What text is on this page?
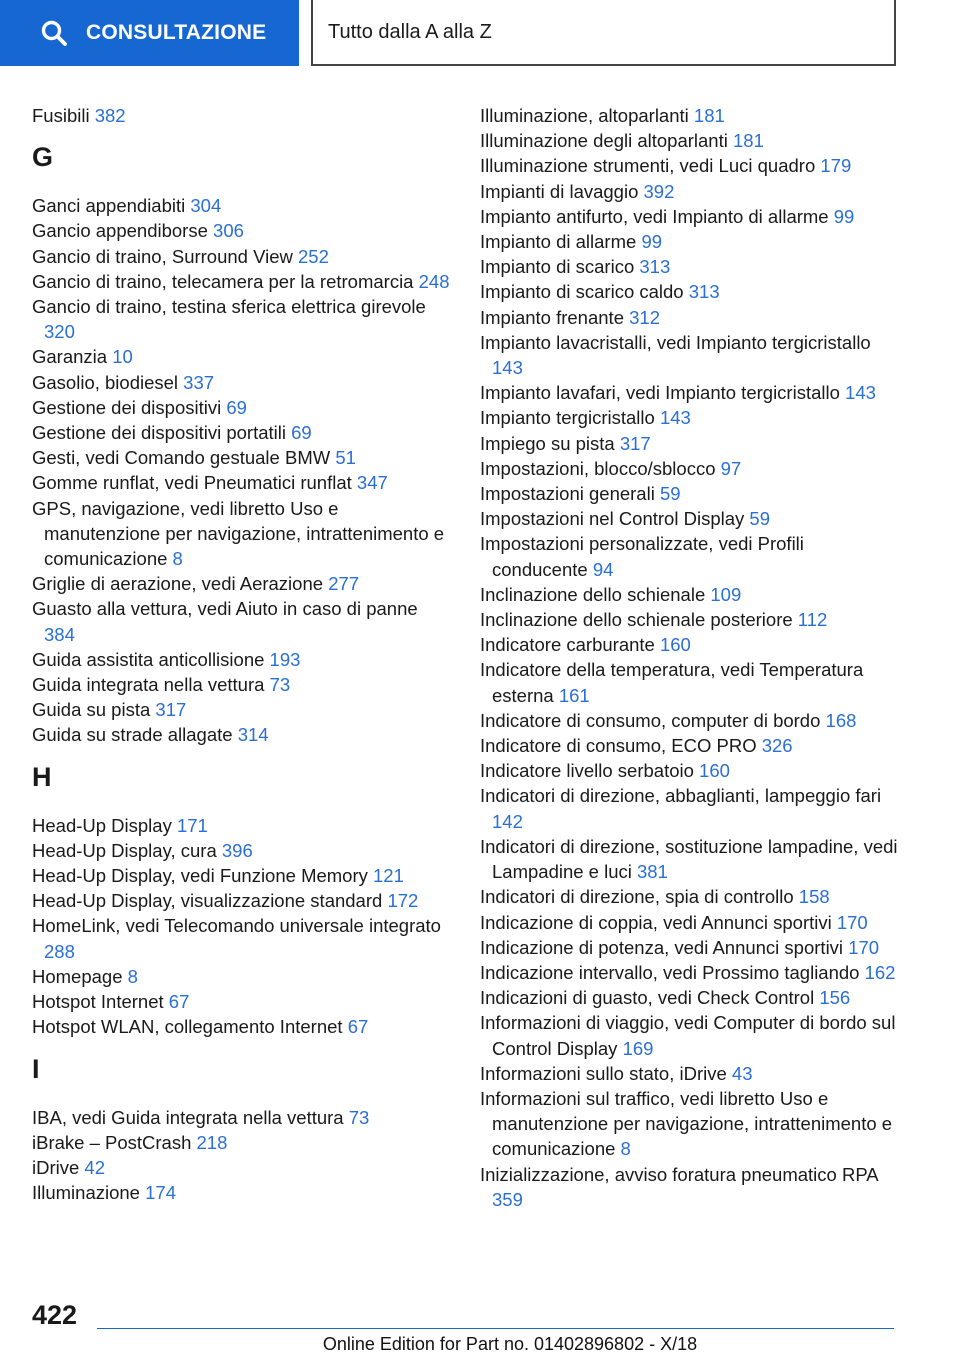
CONSULTAZIONE	Tutto dalla A alla Z
Fusibili 382
G
Ganci appendiabiti 304
Gancio appendiborse 306
Gancio di traino, Surround View 252
Gancio di traino, telecamera per la retromarcia 248
Gancio di traino, testina sferica elettrica girevole 320
Garanzia 10
Gasolio, biodiesel 337
Gestione dei dispositivi 69
Gestione dei dispositivi portatili 69
Gesti, vedi Comando gestuale BMW 51
Gomme runflat, vedi Pneumatici runflat 347
GPS, navigazione, vedi libretto Uso e manutenzione per navigazione, intrattenimento e comunicazione 8
Griglie di aerazione, vedi Aerazione 277
Guasto alla vettura, vedi Aiuto in caso di panne 384
Guida assistita anticollisione 193
Guida integrata nella vettura 73
Guida su pista 317
Guida su strade allagate 314
H
Head-Up Display 171
Head-Up Display, cura 396
Head-Up Display, vedi Funzione Memory 121
Head-Up Display, visualizzazione standard 172
HomeLink, vedi Telecomando universale integrato 288
Homepage 8
Hotspot Internet 67
Hotspot WLAN, collegamento Internet 67
I
IBA, vedi Guida integrata nella vettura 73
iBrake – PostCrash 218
iDrive 42
Illuminazione 174
Illuminazione, altoparlanti 181
Illuminazione degli altoparlanti 181
Illuminazione strumenti, vedi Luci quadro 179
Impianti di lavaggio 392
Impianto antifurto, vedi Impianto di allarme 99
Impianto di allarme 99
Impianto di scarico 313
Impianto di scarico caldo 313
Impianto frenante 312
Impianto lavacristalli, vedi Impianto tergicristallo 143
Impianto lavafari, vedi Impianto tergicristallo 143
Impianto tergicristallo 143
Impiego su pista 317
Impostazioni, blocco/sblocco 97
Impostazioni generali 59
Impostazioni nel Control Display 59
Impostazioni personalizzate, vedi Profili conducente 94
Inclinazione dello schienale 109
Inclinazione dello schienale posteriore 112
Indicatore carburante 160
Indicatore della temperatura, vedi Temperatura esterna 161
Indicatore di consumo, computer di bordo 168
Indicatore di consumo, ECO PRO 326
Indicatore livello serbatoio 160
Indicatori di direzione, abbaglianti, lampeggio fari 142
Indicatori di direzione, sostituzione lampadine, vedi Lampadine e luci 381
Indicatori di direzione, spia di controllo 158
Indicazione di coppia, vedi Annunci sportivi 170
Indicazione di potenza, vedi Annunci sportivi 170
Indicazione intervallo, vedi Prossimo tagliando 162
Indicazioni di guasto, vedi Check Control 156
Informazioni di viaggio, vedi Computer di bordo sul Control Display 169
Informazioni sullo stato, iDrive 43
Informazioni sul traffico, vedi libretto Uso e manutenzione per navigazione, intrattenimento e comunicazione 8
Inizializzazione, avviso foratura pneumatico RPA 359
422
Online Edition for Part no. 01402896802 - X/18
